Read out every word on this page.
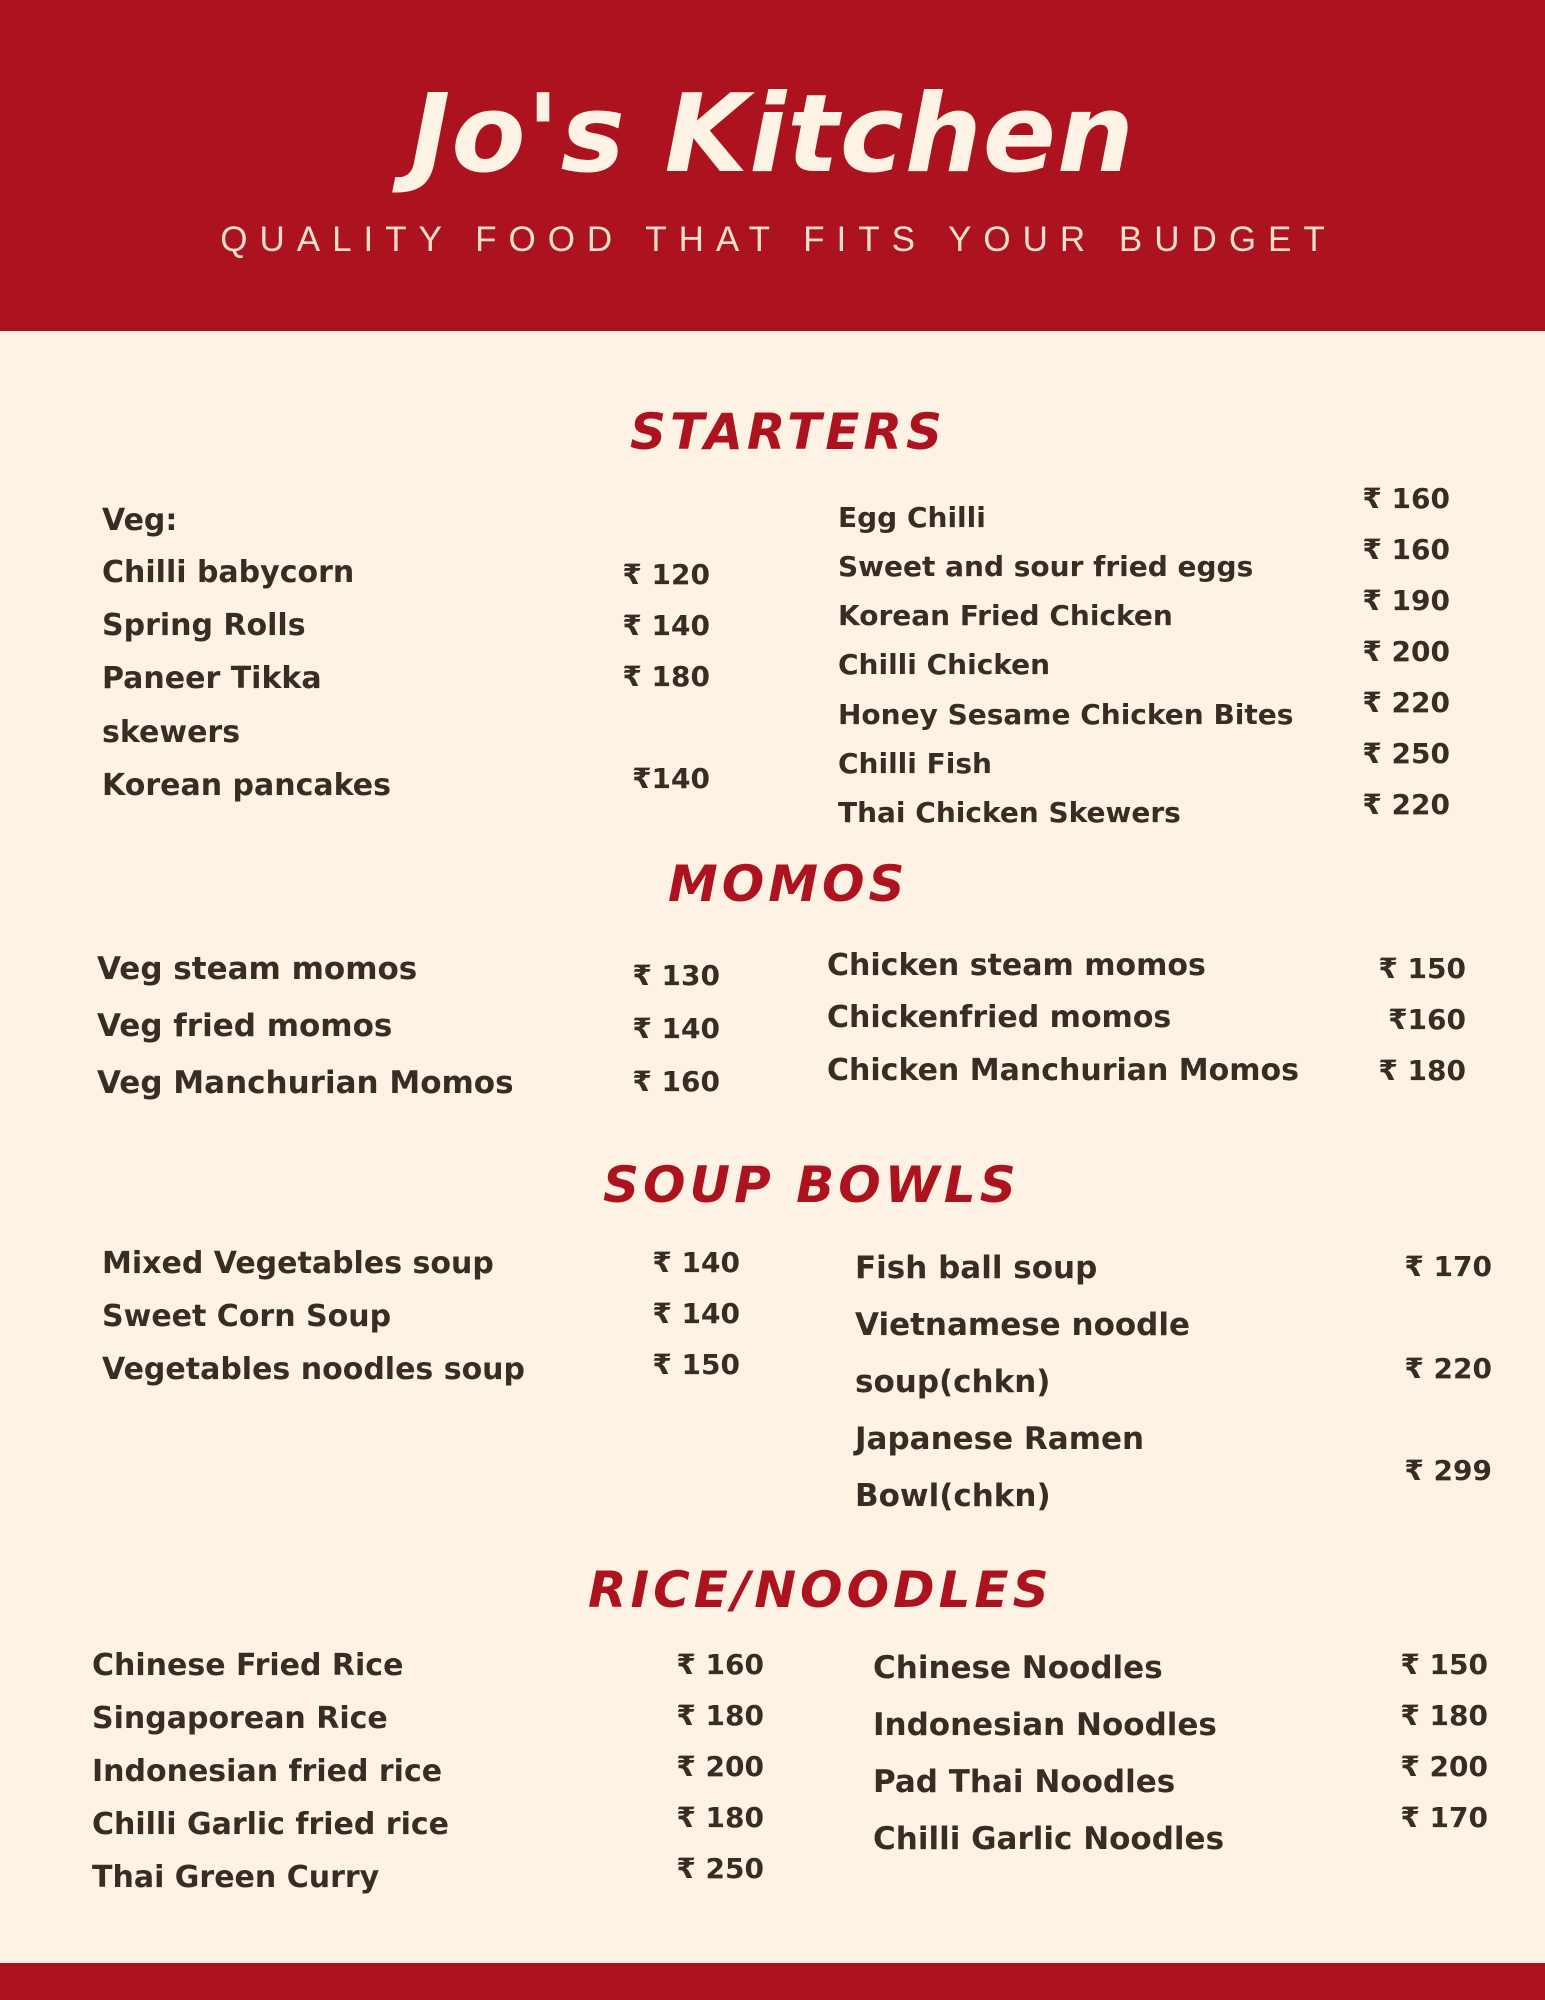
Jo's Kitchen
QUALITY FOOD THAT FITS YOUR BUDGET
STARTERS
Veg:
Chilli babycorn
Spring Rolls
Paneer Tikka
skewers
Korean pancakes
₹ 120
₹ 140
₹ 180
₹140
Egg Chilli
Sweet and sour fried eggs
Korean Fried Chicken
Chilli Chicken
Honey Sesame Chicken Bites
Chilli Fish
Thai Chicken Skewers
₹ 160
₹ 160
₹ 190
₹ 200
₹ 220
₹ 250
₹ 220
MOMOS
Veg steam momos
Veg fried momos
Veg Manchurian Momos
₹ 130
₹ 140
₹ 160
Chicken steam momos
Chickenfried momos
Chicken Manchurian Momos
₹ 150
₹160
₹ 180
SOUP BOWLS
Mixed Vegetables soup
Sweet Corn Soup
Vegetables noodles soup
₹ 140
₹ 140
₹ 150
Fish ball soup
Vietnamese noodle
soup(chkn)
Japanese Ramen
Bowl(chkn)
₹ 170
₹ 220
₹ 299
RICE/NOODLES
Chinese Fried Rice
Singaporean Rice
Indonesian fried rice
Chilli Garlic fried rice
Thai Green Curry
₹ 160
₹ 180
₹ 200
₹ 180
₹ 250
Chinese Noodles
Indonesian Noodles
Pad Thai Noodles
Chilli Garlic Noodles
₹ 150
₹ 180
₹ 200
₹ 170
